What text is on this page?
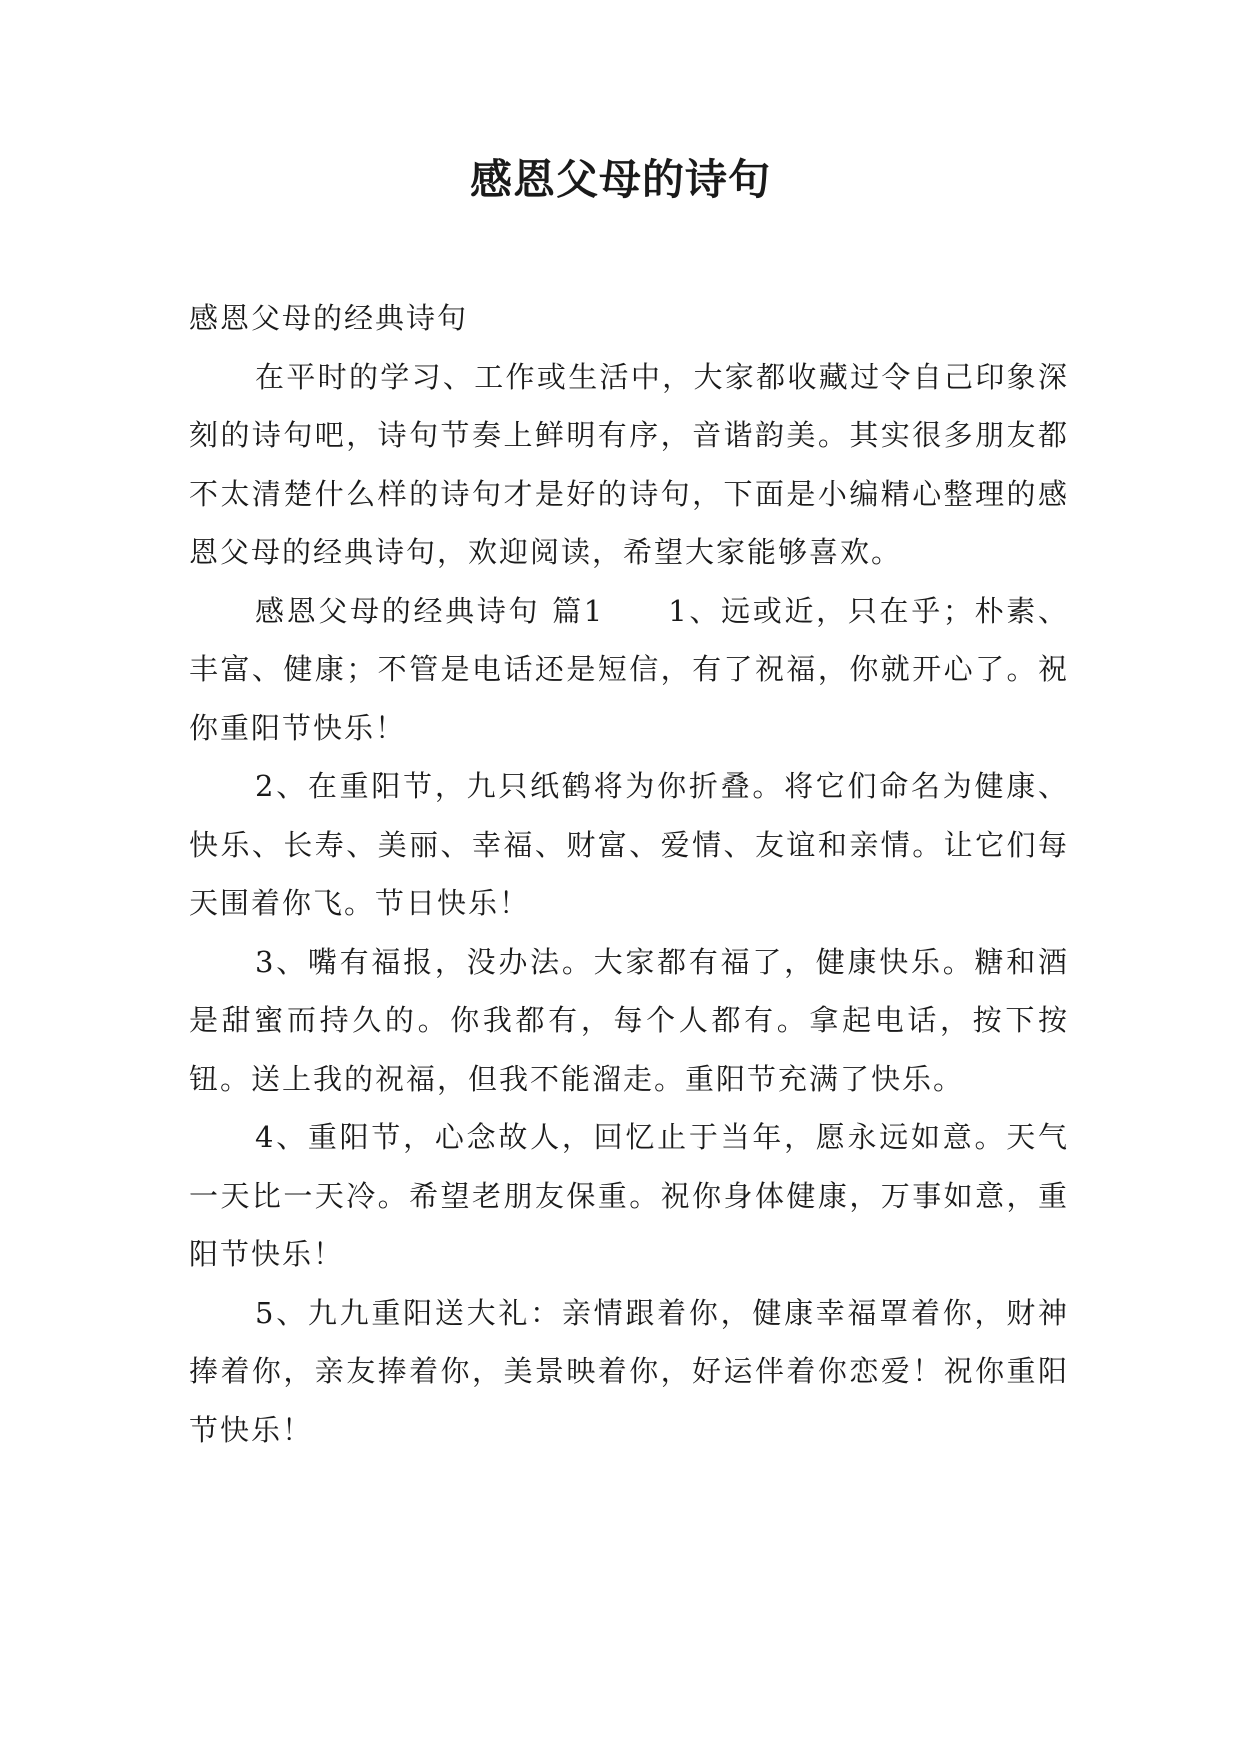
感恩父母的诗句

感恩父母的经典诗句

在平时的学习、工作或生活中，大家都收藏过令自己印象深刻的诗句吧，诗句节奏上鲜明有序，音谐韵美。其实很多朋友都不太清楚什么样的诗句才是好的诗句，下面是小编精心整理的感恩父母的经典诗句，欢迎阅读，希望大家能够喜欢。

感恩父母的经典诗句 篇1　　1、远或近，只在乎；朴素、丰富、健康；不管是电话还是短信，有了祝福，你就开心了。祝你重阳节快乐！

2、在重阳节，九只纸鹤将为你折叠。将它们命名为健康、快乐、长寿、美丽、幸福、财富、爱情、友谊和亲情。让它们每天围着你飞。节日快乐！

3、嘴有福报，没办法。大家都有福了，健康快乐。糖和酒是甜蜜而持久的。你我都有，每个人都有。拿起电话，按下按钮。送上我的祝福，但我不能溜走。重阳节充满了快乐。

4、重阳节，心念故人，回忆止于当年，愿永远如意。天气一天比一天冷。希望老朋友保重。祝你身体健康，万事如意，重阳节快乐！

5、九九重阳送大礼：亲情跟着你，健康幸福罩着你，财神捧着你，亲友捧着你，美景映着你，好运伴着你恋爱！祝你重阳节快乐！
